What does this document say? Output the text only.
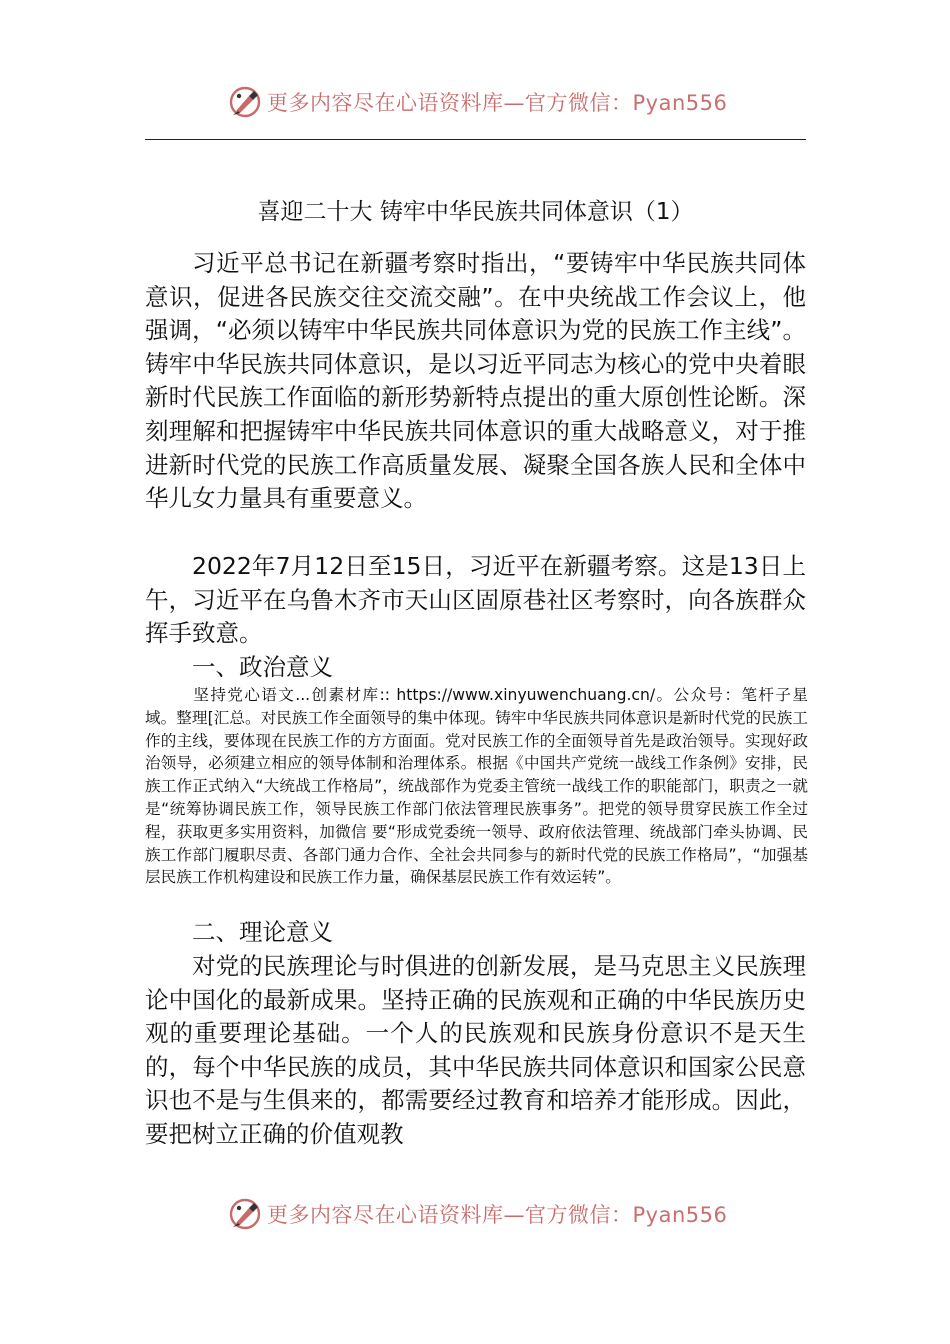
更多内容尽在心语资料库—官方微信：Pyan556
喜迎二十大 铸牢中华民族共同体意识（1）

习近平总书记在新疆考察时指出，“要铸牢中华民族共同体意识，促进各民族交往交流交融”。在中央统战工作会议上，他强调，“必须以铸牢中华民族共同体意识为党的民族工作主线”。铸牢中华民族共同体意识，是以习近平同志为核心的党中央着眼新时代民族工作面临的新形势新特点提出的重大原创性论断。深刻理解和把握铸牢中华民族共同体意识的重大战略意义，对于推进新时代党的民族工作高质量发展、凝聚全国各族人民和全体中华儿女力量具有重要意义。

2022年7月12日至15日，习近平在新疆考察。这是13日上午，习近平在乌鲁木齐市天山区固原巷社区考察时，向各族群众挥手致意。

一、政治意义

坚持党心语文...创素材库:: https://www.xinyuwenchuang.cn/。公众号：笔杆子星域。整理[汇总。对民族工作全面领导的集中体现。铸牢中华民族共同体意识是新时代党的民族工作的主线，要体现在民族工作的方方面面。党对民族工作的全面领导首先是政治领导。实现好政治领导，必须建立相应的领导体制和治理体系。根据《中国共产党统一战线工作条例》安排，民族工作正式纳入“大统战工作格局”，统战部作为党委主管统一战线工作的职能部门，职责之一就是“统筹协调民族工作，领导民族工作部门依法管理民族事务”。把党的领导贯穿民族工作全过程，获取更多实用资料，加微信 要“形成党委统一领导、政府依法管理、统战部门牵头协调、民族工作部门履职尽责、各部门通力合作、全社会共同参与的新时代党的民族工作格局”，“加强基层民族工作机构建设和民族工作力量，确保基层民族工作有效运转”。

二、理论意义

对党的民族理论与时俱进的创新发展，是马克思主义民族理论中国化的最新成果。坚持正确的民族观和正确的中华民族历史观的重要理论基础。一个人的民族观和民族身份意识不是天生的，每个中华民族的成员，其中华民族共同体意识和国家公民意识也不是与生俱来的，都需要经过教育和培养才能形成。因此，要把树立正确的价值观教

更多内容尽在心语资料库—官方微信：Pyan556
